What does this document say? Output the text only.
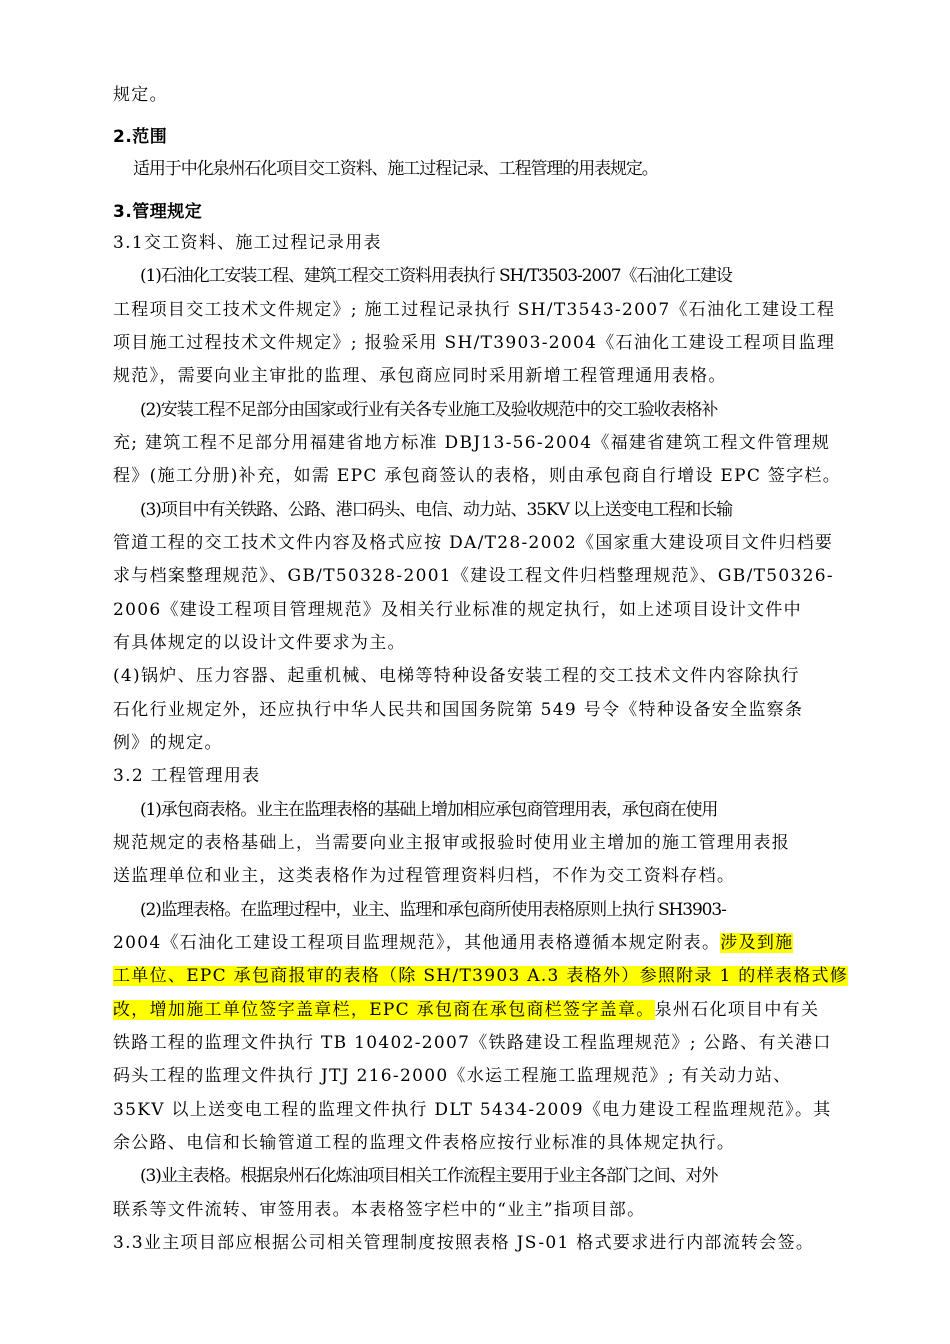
规定。
2.范围
适用于中化泉州石化项目交工资料、施工过程记录、工程管理的用表规定。
3.管理规定
3.1交工资料、施工过程记录用表
(1)石油化工安装工程、建筑工程交工资料用表执行 SH/T3503-2007《石油化工建设
工程项目交工技术文件规定》; 施工过程记录执行 SH/T3543-2007《石油化工建设工程
项目施工过程技术文件规定》; 报验采用 SH/T3903-2004《石油化工建设工程项目监理
规范》，需要向业主审批的监理、承包商应同时采用新增工程管理通用表格。
(2)安装工程不足部分由国家或行业有关各专业施工及验收规范中的交工验收表格补
充; 建筑工程不足部分用福建省地方标准 DBJ13-56-2004《福建省建筑工程文件管理规
程》(施工分册)补充，如需 EPC 承包商签认的表格，则由承包商自行增设 EPC 签字栏。
(3)项目中有关铁路、公路、港口码头、电信、动力站、35KV 以上送变电工程和长输
管道工程的交工技术文件内容及格式应按 DA/T28-2002《国家重大建设项目文件归档要
求与档案整理规范》、GB/T50328-2001《建设工程文件归档整理规范》、GB/T50326-
2006《建设工程项目管理规范》及相关行业标准的规定执行，如上述项目设计文件中
有具体规定的以设计文件要求为主。
(4)锅炉、压力容器、起重机械、电梯等特种设备安装工程的交工技术文件内容除执行
石化行业规定外，还应执行中华人民共和国国务院第 549 号令《特种设备安全监察条
例》的规定。
3.2 工程管理用表
(1)承包商表格。业主在监理表格的基础上增加相应承包商管理用表，承包商在使用
规范规定的表格基础上，当需要向业主报审或报验时使用业主增加的施工管理用表报
送监理单位和业主，这类表格作为过程管理资料归档，不作为交工资料存档。
(2)监理表格。在监理过程中，业主、监理和承包商所使用表格原则上执行 SH3903-
2004《石油化工建设工程项目监理规范》，其他通用表格遵循本规定附表。涉及到施
工单位、EPC 承包商报审的表格（除 SH/T3903 A.3 表格外）参照附录 1 的样表格式修
改，增加施工单位签字盖章栏，EPC 承包商在承包商栏签字盖章。泉州石化项目中有关
铁路工程的监理文件执行 TB 10402-2007《铁路建设工程监理规范》; 公路、有关港口
码头工程的监理文件执行 JTJ 216-2000《水运工程施工监理规范》; 有关动力站、
35KV 以上送变电工程的监理文件执行 DLT 5434-2009《电力建设工程监理规范》。其
余公路、电信和长输管道工程的监理文件表格应按行业标准的具体规定执行。
(3)业主表格。根据泉州石化炼油项目相关工作流程主要用于业主各部门之间、对外
联系等文件流转、审签用表。本表格签字栏中的“业主”指项目部。
3.3业主项目部应根据公司相关管理制度按照表格 JS-01 格式要求进行内部流转会签。
